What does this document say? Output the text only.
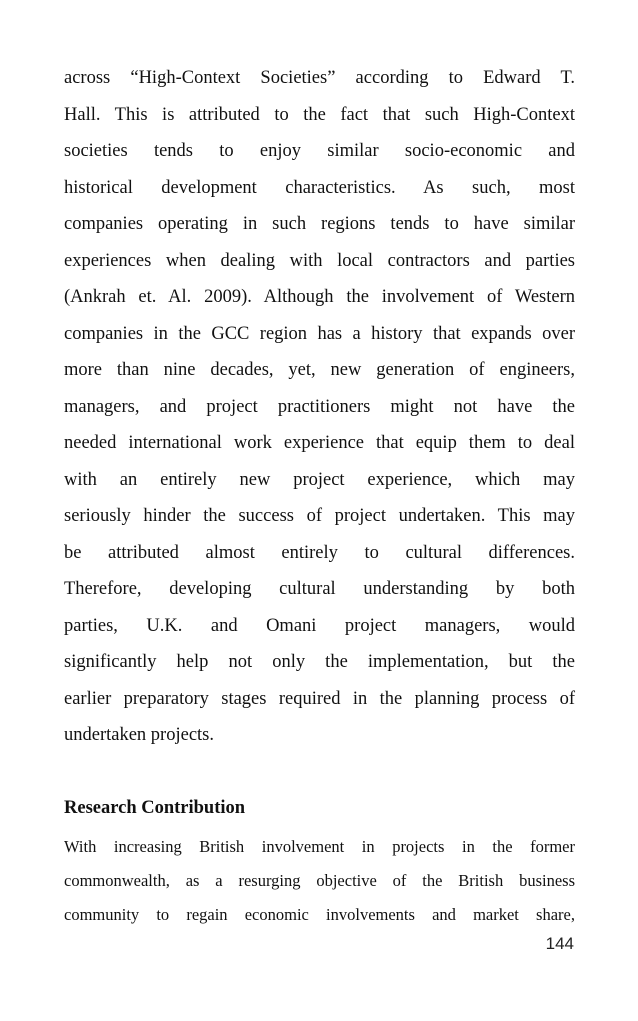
across “High-Context Societies” according to Edward T.
Hall. This is attributed to the fact that such High-Context
societies tends to enjoy similar socio-economic and
historical development characteristics. As such, most
companies operating in such regions tends to have similar
experiences when dealing with local contractors and parties
(Ankrah et. Al. 2009). Although the involvement of Western
companies in the GCC region has a history that expands over
more than nine decades, yet, new generation of engineers,
managers, and project practitioners might not have the
needed international work experience that equip them to deal
with an entirely new project experience, which may
seriously hinder the success of project undertaken. This may
be attributed almost entirely to cultural differences.
Therefore, developing cultural understanding by both
parties, U.K. and Omani project managers, would
significantly help not only the implementation, but the
earlier preparatory stages required in the planning process of
undertaken projects.
Research Contribution
With increasing British involvement in projects in the former
commonwealth, as a resurging objective of the British business
community to regain economic involvements and market share,
144
